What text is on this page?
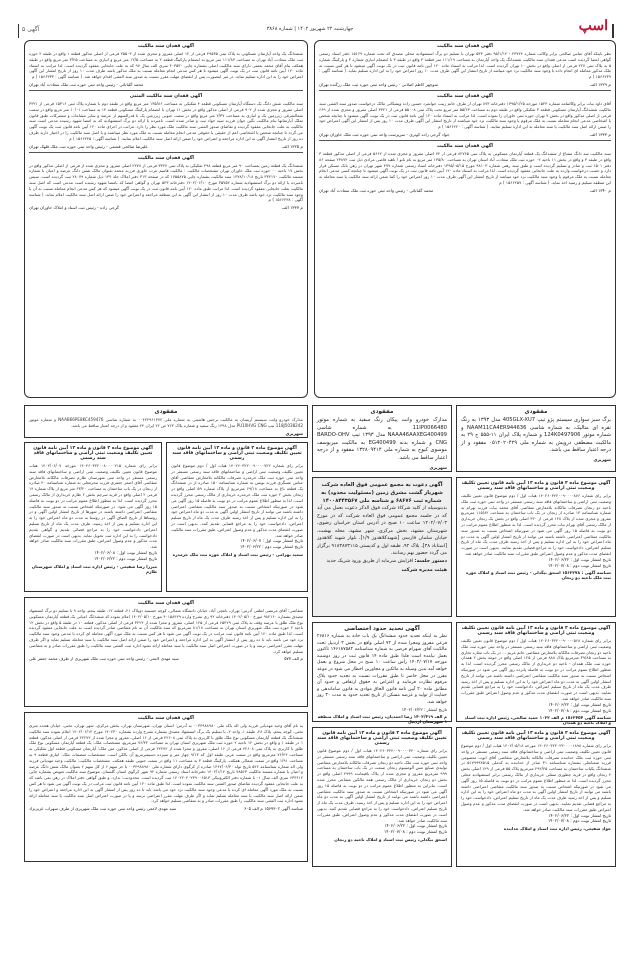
اسپ
چهارشنبه ۲۲ شهریور ۱۴۰۲ | شماره ۳۸۶۸
آگهی ۵
آگهی فقدان سند مالکیت
نظر باینکه آقای عباس صالحی برابر وکالت شماره ۲۳۷۴۴ - ۹۵/۱/۱۴ دفتر ۵۳۴ تهران با تسلیم دو برگ استشهادیه محلی مصدق که تحت شماره ۱۵۱۶۹ دفتر اسناد رسمی گواهی امضا گردیده است مدعی فقدان سند مالکیت ششدانگ یک واحد آپارتمان به مساحت ۱۱۱/۱۹ متر قطعه ۳ واقع در طبقه ۳ با انضمام انباری شماره ۳ و پارکینگ شماره ۵ به پلاک ثبتی ۲۲۷ فرعی از اصلی واقع در بخش ۱۰ تهران گردیده است. لذا مراتب به استناد ماده ۱۲۰ آیین نامه قانون ثبت در یک نوبت آگهی میشود تا هر کس نسبت به ملک مذکور معامله ای انجام داده یا وجود سند مالکیت نزد خود میباشد از تاریخ انتشار این آگهی ظرف مدت ۱۰ روز اعتراض خود را به این اداره تسلیم نماید. ( شناسه آگهی : ۱۵۶۶۲۳۹ ) م
م ۱۳۲۹ الف
منوچهر کاظم اصلانی - رئیس واحد ثبتی حوزه ثبت ملک زرگنده تهران
آگهی فقدان سند مالکیت
آقای داود بیات برابر وکالتنامه شماره ۱۵۲۳ مورخه ۱۳۹۵/۱/۲۵ دفترخانه ۸۷۳ تهران از طرف خانم زینب جوانمرد حسین زاده وپشکانی مالک درخواست صدور سند المثنی سند مالکیت ششدانگ آپارتمان مسکونی قطعه ۳ تفکیکی واقع در طبقه دوم به مساحت ۵۵/۶۳ متر مربع تحت پلاک ثبتی ۵۵۰۰۸ فرعی از ۳۳۲۱ اصلی مفروز و مجزی شده از ۶۶۹ فرعی از اصلی مذکور واقع در بخش ۷ تهران حوزه ثبتی خاوران را نموده است. لذا مراتب به استناد ماده ۱۲۰ آیین نامه قانون ثبت در یک نوبت آگهی میشود تا چنانچه شخص یا اشخاصی مدعی انجام معامله نسبت به ملک مرقوم یا وجود سند مالکیت نزد خود میباشند از تاریخ انتشار این آگهی ظرف مدت ۱۰ روز پس از انتشار این آگهی اعتراض خود را ضمن ارائه اصل سند مالکیت یا سند معامله به این اداره تسلیم نمایند. ( شناسه آگهی : ۱۵۶۶۲۲۰ ) م
م ۱۳۳۳ الف
جواد گرجی زاده کوتری - سرپرست واحد ثبتی حوزه ثبت ملک خاوران تهران
آگهی فقدان سند مالکیت
سند مالکیت سه دانگ مشاع از ششدانگ یک قطعه آپارتمان مسکونی به پلاک ثبتی ۸۲۷۴۵ فرعی از ۷۴ اصلی مفروز و مجزی شده از ۵۶۶۲ فرعی از اصلی مذکور قطعه ۳ واقع در طبقه ۳ و واقع در بخش ۱۱ ناحیه ۰۲ حوزه ثبت ملک سعادت آباد استان تهران به مساحت ۱۳۵/۸۰ متر مربع به نام بانو / ناهید قاضی مرادی ذیل ثبت ۲۳۸۷۲ صفحه ۸۶ دفتر ۱۵۰۱ ثبت و صادر و تسلیم گردیده است و طبق سند رهنی شماره ۹۸۱۰۳ مورخ ۱۳۹۵/۰۵/۱۵ دفترخانه اسناد رسمی شماره ۴۷۷ شهر تهران در رهن بانک مسکن قرار دارد و حسب درخواست وارده به علت جابجایی مفقود گردیده است. لذا مراتب به استناد ماده ۱۲۰ آیین نامه قانون ثبت در یک نوبت آگهی میشود تا چنانچه کسی مدعی انجام معامله نسبت به ملک مرقوم یا وجود سند مالکیت نزد خود میباشد از تاریخ انتشار این آگهی ظرف مدت ۱۰ روز اعتراض خود را کتبا ضمن ارائه سند مالکیت یا سند معامله به این منطقه تسلیم و رسید اخذ نماید. ( شناسه آگهی : ۱۵۶۶۲۵۷ ) م
م ۱۳۴۰ الف
محمد گلبابائی - رئیس واحد ثبتی حوزه ثبت ملک سعادت آباد تهران
آگهی فقدان سند مالکیت
ششدانگ یک واحد آپارتمان مسکونی به پلاک ثبتی ۴۹۵۳۵ فرعی از ۱۲ اصلی مفروز و مجزی شده از ۲۵۵۰۳ فرعی از اصلی مذکور قطعه ۱ واقع در طبقه ۲ حوزه ثبت ملک سعادت آباد تهران به مساحت ۱۱۱/۸۳ متر مربع به انضمام پارکینگ قطعه ۲ به مساحت ۱۲/۵ متر مربع و انباری به مساحت ۳/۲۵ متر مربع واقع در طبقه همکف بنام آقای محمد نعمتی دارای سند مالکیت اصلی بشماره چاپی ۴۰۳۵۳۰ سری الف سال ۹۷ که به علت جابجایی مفقود گردیده است. لذا مراتب به استناد ماده ۱۲۰ آیین نامه قانون ثبت در یک نوبت آگهی میشود تا هر کس مدعی انجام معامله نسبت به ملک مذکور باشد ظرف مدت ۱۰ روز از تاریخ انتشار این آگهی اعتراض خود را به این اداره تسلیم نماید. در غیر اینصورت پس از انقضای مهلت مقرر نسبت به صدور سند المثنی اقدام خواهد شد. ( شناسه آگهی : ۱۵۶۶۳۳۳ ) م
محمد گلبابائی - رئیس واحد ثبتی حوزه ثبت ملک سعادت آباد تهران
آگهی فقدان سند مالکیت المثنی
سند مالکیت شش دانگ یک دستگاه آپارتمان مسکونی قطعه ۴ تفکیکی به مساحت ۱۳۵/۸۶ متر مربع واقع در طبقه دوم با شماره پلاک ثبتی ۱۵۳۱۶ فرعی از ۳۳۲۱ اصلی مفروز و مجزی شده از ۹۰۲ فرعی از اصلی مذکور واقع در بخش ۱۱ تهران با انضمام پارکینگ مسکونی قطعه ۱۴ به مساحت ۱۰/۰۱ متر مربع واقع در سمت شمالشرقی زیرزمین یک و انباری به مساحت ۲/۳۷ متر مربع واقع در سمت جنوبی زیرزمین یک با قدرالسهم از عرصه و سایر مشاعات و مشترکات طبق قانون تملک آپارتمانها بنام مالکیت نگین جوان فرزند سید جواد ثبت و صادر شده است. نامبرده با ارائه دو برگ استشهادیه که به امضا شهود رسیده مدعی است سند مالکیت به علت جابجایی مفقود گردیده و تقاضای صدور المثنی سند مالکیت ملک مورد نظر را دارد. مراتب در اجرای ماده ۱۲۰ آیین نامه قانون ثبت یک نوبت آگهی می گردد تا چنانچه شخص یا اشخاصی اعم از حقیقی یا حقوقی مدعی انجام معامله نسبت به ملک مورد نظر میباشند و یا اصل سند مالکیت را در اختیار دارند ظرف ده روز از تاریخ انتشار آگهی به این اداره مراجعه و اعتراض خود را ضمن ارائه اصل سند مالکیت اعلام نمایند. ( شناسه آگهی : ۱۵۶۶۲۴۵ ) م
م ۱۳۲۵ الف
علیرضا صالحی قشمی - رئیس واحد ثبتی حوزه ثبت ملک قلهک تهران
آگهی فقدان سند مالکیت
ششدانگ یک قطعه زمین بمساحت ۹۰ متر مربع قطعه ۲۹۸ تفکیکی به پلاک ثبتی ۳۳۲۷ فرعی از ۲۲۷۸ اصلی مفروز و مجزی شده از فرعی از اصلی مذکور واقع در بخش ۱۷ ناحیه ۰۰ حوزه ثبت ملک خاوران تهران مشخصات مالکیت : مالکیت قاسم عرب خاوری فرزند محمد بعنوان مالک شش دانگ عرصه و اعیان با شماره مستند مالکیت ۳۳۲۱۷۰ تاریخ ۱۳۷۸/۱۰/۱۸ سند مالکیت بشماره چاپی ۱۷۵۵۸۷۵ که در صفحه ۳۱۳ دفتر املاک جلد ۱۳۴ ذیل شماره ۲۸۰۷۹ ثبت گردیده است. سپس نامبرده با ارائه دو برگ استشهادیه شماره ۳۵۷۵۲ مورخ ۱۴۰۲/۰۶/۱۰ دفترخانه ۵۳۳ تهران و گواهی امضا که بامضا شهود رسیده است مدعی است که اصل سند مالکیت بعلت جابجایی مفقود گردیده است. لذا مراتب طبق ماده ۱۲۰ آیین نامه قانون ثبت در یک نوبت آگهی میشود که هر کس مدعی انجام معامله نسبت به آن یا وجود سند مالکیت نزد خود باشد ظرف مدت ۱۰ روز از انتشار این آگهی به این منطقه مراجعه و اعتراض خود را ضمن ارائه اصل سند مالکیت اعلام نماید. ( شناسه آگهی : ۱۵۶۶۲۳۸ ) م
م ۱۳۳۷ الف
گرجی زاده - رئیس ثبت اسناد و املاک خاوران تهران
مفقودی
برگ سبز سواری سیستم پژو تیپ 405GLX-XU7 مدل ۱۳۹۳ به رنگ نقره ای متالیک، به شماره شاسی NAAM11CA4ER944636 و شماره موتور 124K0497906 و شماره پلاک ایران ۱۱-۵۵۵ ج ۲۹ به مالکیت مصطفی درویش به شماره ملی ۰۵۱۲۰۲۰۴۲۹ مفقود و از درجه اعتبار ساقط می باشد.
شهریری
مفقودی
مدارک خودرو وانت پیکان رنگ سفید به شماره موتور 11IP0066480 به شماره شاسی NAAA46AAXEG400499 مدل ۱۳۹۳ تیپ BARDO-OHV CNG و شماره بدنه EG400499 به مالکیت میریوسف موسوی کیوج به شماره ملی ۱۳۲۸۰۹۴۱۴ مفقود و از درجه اعتبار ساقط می باشد.
شهریری
مفقودی
مدارک خودرو وانت سیستم آریسان به مالکیت نرجس هاشمی به شماره ملی ۰۰۴۲۲۹۶۱۳۷۲ به شماره شاسی NAAB66PE8KC459476 و شماره موتور 118J5038242 تیپ PU10HVG CNG مدل ۱۳۹۸ رنگ سفید و شماره پلاک ۷۶۲ ص ۲۶ ایران ۴۴ مفقود و از درجه اعتبار ساقط می باشد.
شهریری
آگهی موضوع ماده ۳ قانون و ماده ۱۳ آیین نامه قانون تعیین تکلیف وضعیت ثبتی اراضی و ساختمانهای فاقد سند رسمی
برابر رای شماره ۱۴۰۲۶۰۳۲۲۰۰۹۰۰۰۰۸۷۶ هیات اول / دوم موضوع قانون تعیین تکلیف وضعیت ثبتی اراضی و ساختمانهای فاقد سند رسمی مستقر در واحد ثبتی حوزه ثبت ملک ناحیه دو زنجان تصرفات مالکانه بلامعارض متقاضی آقای محمد بیات فرزند بهرام به شماره شناسنامه ۱۳ صادره از زنجان در یک باب ساختمان به مساحت ۱۱۵/۸۲ مترمربع مفروز و مجزی شده از پلاک ۱۲۸ فرعی از ۴۳۰ اصلی واقع در بخش یک زنجان خریداری از مالک رسمی آقای بهرام بیات محرز گردیده است. لذا به منظور اطلاع عموم مراتب در دو نوبت به فاصله ۱۵ روز آگهی می شود در صورتیکه اشخاص نسبت به صدور سند مالکیت متقاضی اعتراضی داشته باشند می توانند از تاریخ انتشار اولین آگهی به مدت دو ماه اعتراض خود را به این اداره تسلیم و پس از اخذ رسید ظرف مدت یک ماه از تاریخ تسلیم اعتراض، دادخواست خود را به مراجع قضایی تقدیم نمایند. بدیهی است در صورت انقضای مدت مذکور و عدم وصول اعتراض طبق مقررات سند مالکیت صادر خواهد شد.
تاریخ انتشار نوبت اول : ۱۴۰۲/۰۶/۲۲
تاریخ انتشار نوبت دوم : ۱۴۰۲/۰۷/۰۸
شناسه آگهی : ۱۵۶۳۲۷۸ اسحق بیگدلی - رئیس ثبت اسناد و املاک حوزه ثبت ملک ناحیه دو زنجان
آگهی دعوت به مجمع عمومی فوق العاده شرکت شهریار گشت مشرق زمین (مسئولیت محدود) به شماره ثبت ۶۸۶۷۶ و شناسه ملی ۱۴۰۰۸۴۴۳۵۶۷
بدینوسیله از کلیه شرکاء شرکت فوق الذکر دعوت بعمل می آید که در جلسه مجمع عمومی فوق العاده شرکت که در مورخ ۱۴۰۲/۰۷/۰۳ ساعت ۱۰ صبح در آدرس استان خراسان رضوی، شهرستان مشهد، بخش مرکزی، شهر مشهد، محله بهشت، خیابان سلمان فارسی [شهیدکلاهدوز ۱/۹]، بلوار شهید کلاهدوز [استاباد ۴۸]، پلاک ۹۲، طبقه اول و کدپستی ۹۱۸۳۸۷۳۱۱۵ برگزار می گردد حضور بهم رسانند.
دستور جلسه: افزایش سرمایه از طریق ورود شریک جدید
هیئت مدیره شرکت
آگهی موضوع ماده ۳ قانون و ماده ۱۳ آیین نامه قانون تعیین تکلیف وضعیت ثبتی اراضی و ساختمانهای فاقد سند رسمی
برابر رای شماره ۱۴۰۲۶۰۳۲۲۰۰۹۰۰۰۰۷۲۲ هیات اول / دوم موضوع قانون تعیین تکلیف وضعیت ثبتی اراضی و ساختمانهای فاقد سند رسمی مستقر در واحد ثبتی حوزه ثبت ملک خرمدره تصرفات مالکانه بلامعارض متقاضی آقای عباس عسگری فرزند یونس به شماره شناسنامه ۱۵۰ صادره از در ششدانگ یک قطعه باغ به مساحت ۶۹/۱۸ مترمربع از پلاک شماره ۵۹ اصلی واقع در زنجان بخش ۲ حوزه ثبت ملک خرمدره خریداری از مالک رسمی محرز گردیده است. لذا به منظور اطلاع عموم مراتب در دو نوبت به فاصله ۱۵ روز آگهی می شود در صورتیکه اشخاص نسبت به صدور سند مالکیت متقاضی اعتراضی داشته باشند می توانند از تاریخ انتشار اولین آگهی به مدت دو ماه اعتراض خود را به این اداره تسلیم و پس از اخذ رسید ظرف مدت یک ماه از تاریخ تسلیم اعتراض، دادخواست خود را به مراجع قضایی تقدیم کنند. بدیهی است در صورت انقضای مدت مذکور و عدم وصول اعتراض، طبق مقررات سند مالکیت صادر خواهد شد.
تاریخ انتشار نوبت اول : ۱۴۰۲/۰۶/۰۷
تاریخ انتشار نوبت دوم : ۱۴۰۲/۰۶/۲۲
سعید بهرامی - رئیس ثبت اسناد و املاک حوزه ثبت ملک خرمدره
آگهی موضوع ماده ۳ قانون و ماده ۱۳ آیین نامه قانون تعیین تکلیف وضعیت ثبتی اراضی و ساختمانهای فاقد سند رسمی
برابر رای شماره ۱۴۰۲۶۰۳۲۲۰۰۸۰۰۰۰۲۱۵ مورخه ۱۴۰۲/۰۶/۰۷ هیات موضوع قانون تعیین تکلیف وضعیت ثبتی اراضی و ساختمانهای فاقد سند رسمی مستقر در واحد ثبتی شهرستان طارم تصرفات مالکانه بلامعارض متقاضی آقای اصغر جعفری فرزند محرمعلی به شماره شناسنامه ۴۰ صادره از زنجان در یک باب ساختمان به مساحت ۶۳/۲۰ متر مربع از پلاک شماره ۱۴ فرعی ۲ اصلی واقع در قریه سرچم بخش ۲ طارم خریداری از مالک رسمی محرز گردیده است. لذا به منظور اطلاع عموم مراتب در دو نوبت به فاصله ۱۵ روز آگهی می شود. در صورتیکه اشخاص نسبت به صدور سند مالکیت متقاضی اعتراضی داشته باشند در شهرها از تاریخ انتشار اولین آگهی و در روستاها از تاریخ الصاق آگهی در روستا به مدت دو ماه اعتراض خود را به این اداره تسلیم و پس از اخذ رسید، ظرف مدت یک ماه از تاریخ تسلیم اعتراض دادخواست خود را به مراجع قضائی تقدیم و گواهی تقدیم دادخواست را به این اداره ثبت تحویل نماید. بدیهی است در صورت انقضای مدت مذکور و عدم وصول اعتراض، طبق مقررات سند مالکیت صادر خواهد شد.
تاریخ انتشار نوبت اول : ۱۴۰۲/۰۶/۰۸
تاریخ انتشار نوبت دوم : ۱۴۰۲/۰۶/۲۲
میرزا رضا شفیعی - رئیس اداره ثبت اسناد و املاک شهرستان طارم
آگهی فقدان سند مالکیت
متقاضی: آقای مرتضی لطفی آدرس: تهران، باغچی آباد، خیابان دانشگاه شمالی، کوچه حسینیه دوپلاک ۲۱، قطعه ۱۲، طبقه پنجم، واحد ۹ با تسلیم دو برگ استشهاد مصدق بشماره ۹۸۲۱۶۰ مورخ ۱۴۰۲/۰۵/۱۰ دفترخانه ۹۲ ری بشرح وارده ۴۰۱۵۸۴۲۹ مورخ ۱۴۰۲/۰۵/۱۰ اعلام نموده که ششدانگ اعیانی یک قطعه آپارتمان مسکونی نوع ملک طلق با عرصه وقف به پلاک ثبتی ۶۵۴۲۹ فرعی از ۱۲۵ اصلی، مفروز و مجزا شده از ۳۲۲۲ فرعی از اصلی مذکور، قطعه ۱۰ در طبقه ۵ واقع در بخش ۱۲ ناحیه ۲ حوزه ثبت ملک شهریری استان تهران به مساحت ۸۱/۱۸ مترمربع که سند مالکیت آن به نام متقاضی صادر گردیده است به علت جابجایی مفقود گردیده است. لذا طبق ماده ۱۲۰ آیین نامه قانون ثبت مراتب در یک نوبت آگهی می شود تا هر کس نسبت به ملک مورد آگهی معامله ای کرده یا مدعی وجود سند مالکیت نزد خود می باشد باید تا ده روز پس از انتشار آگهی به این اداره مراجعه و اعتراض خود را ضمن ارائه اصل سند مالکیت یا سند معامله تسلیم نماید و اگر ظرف مهلت مقرر اعتراضی نرسد و یا در صورت اعتراض اصل سند مالکیت یا سند معامله ارائه نشود اداره ثبت المثنی سند مالکیت را طبق مقررات صادر و به متقاضی تسلیم خواهد کرد.
م الف ۵۷۷
سید مهدی لامعی - رئیس واحد ثبتی حوزه ثبت ملک شهریری از طرف محمد جعفر علی
آگهی فقدان سند مالکیت
به نام آقای وحید مهدیانی فرزند ولی اله باکد ملی ۰۰۳۴۹۸۸۹۸۰ به آدرس: استان تهران، شهرستان تهران، بخش مرکزی، شهر تهران، تختی، خیابان هجده متری تختی، کوچه پنجم، پلاک ۲۸، طبقه ۱، واحد ۲، با تسلیم یک برگ استشهاد مصدق بشماره بشرح وارده بشماره ۱۴۰۲۳۰ مورخ ۱۴۰۲/۰۶/۱۴ اعلام نموده سند مالکیت ششدانگ یک قطعه آپارتمان مسکونی نوع ملک طلق با کاربری به پلاک ثبتی ۲۲۶۰۸ فرعی از ۱۶ اصلی، مفروز و مجزا شده از ۲۲۲۷۲ فرعی از اصلی مذکور، قطعه ۱ در طبقه ۱ و واقع در بخش ۱۲ ناحیه ۲ حوزه ثبت ملک شهریری استان تهران به مساحت ۷۶/۴۲ مترمربع، مشخصات ملک: یک قطعه آپارتمان مسکونی نوع ملک طلق با کاربری به پلاک ثبتی ۲۲۶۰۸ فرعی از ۱۶ اصلی، مفروز و مجزا شده از ۲۲۲۷۲ فرعی از اصلی مذکور، متن ملک: آپارتمان مسکونی قطعه اول تفکیکی به مساحت ۷۶/۴۲ مترمربع واقع در سمت غربی طبقه اول که ۹/۱۳ چهار متر و سیزده دسیمترمربع آن بالکن است. مشخصات منضمات ملک: انباری قطعه ۹ به مساحت ۱/۹۱ واقع در سمت شمالی همکف. پارکینگ قطعه ۳ به مساحت ۱۱ واقع در سمت جنوبی طبقه همکف. مشخصات مالکیت: مالکیت وحید مهدیانی فرزند ولی اله شماره شناسنامه ۵۲۶ تاریخ تولد ۱۳۶۷/۰۶/۳۰ صادره از کرگوی دارای شماره ملی ۰۰۳۴۹۸۸۹۸۰ با جز سهم ۶ از کل سهم ۶ بعنوان مالک شش دانگ عرصه و اعیان با شماره مستند مالکیت ۷۸۵۶۳ تاریخ ۱۴۰۲/۱/۱۴ دفترخانه اسناد رسمی شماره ۹۴ شهر کرگوی استان گلستان. موضوع سند مالکیت تعویض بشماره چاپی ۶۳۳۶۱۲ سری الف سال ۰۱ با شماره دفتر الکترونیکی ۱۴۰۲۲۰۲۰۲۳۹۰۰۶۵۱۳ ثبت گردیده است. محدودیت: ندارد. و طبق گواهی دفتر املاک در رهن نمی باشد که به علت جابجایی مفقود گردیده تقاضای صدور المثنی سند مالکیت نموده است. لذا طبق ماده ۱۲۰ آیین نامه قانون ثبت مراتب در یک نوبت آگهی می شود تا هر کس نسبت به ملک مورد آگهی معامله ای کرده یا مدعی وجود سند مالکیت نزد خود می باشد باید تا ده روز پس از انتشار آگهی به این اداره مراجعه و اعتراض خود را ضمن ارائه اصل سند مالکیت یا سند معامله تسلیم نماید و اگر ظرف مهلت مقرر اعتراضی نرسد و یا در صورت اعتراض اصل سند مالکیت یا سند معامله ارائه نشود اداره ثبت المثنی سند مالکیت را طبق مقررات صادر و به متقاضی تسلیم خواهد کرد.
شناسه آگهی ۱۵۶۷۳۰۲ م الف ۶۰۵
سید مهدی لامعی رئیس واحد ثبتی حوزه ثبت ملک شهریری از طرف سهراب عزیزنژاد
آگهی تحدید حدود اختصاصی
نظر به اینکه تحدید حدود ششدانگ یک باب خانه به شماره ۲۶۸۱۶ فرعی مفروز ومجزا شده از ۷۲ اصلی واقع در بخش ۳ اردبیل تحت مالکیت آقای شهرام فرضی به شماره شناسنامه ۱۴۶۱۸۷۵۸۲ تاکنون بعمل نیامده است فلذا طبق ماده ۱۴ قانون ثبت در روز دوشنبه مورخه ۱۴۰۲/۰۷/۱۷ رأس ساعت ۱۰ صبح در محل شروع و بعمل خواهد آمد بدین وسیله به مالکین و مجاورین اخطار می شود در موعد مقرر در محل حاضر تا طبق مقررات نسبت به تحدید حدود پلاک مرقوم نظارت فرمایند و اعتراض به حقوق ارتفاقی و حدود آن مطابق ماده ۲۰ آیین نامه قانون الحاق موادی به قانون ساماندهی و حمایت از تولید و عرضه مسکن از تاریخ تحدید حدود به مدت ۳۰ روز خواهد شد.
تاریخ انتشار : ۱۴۰۲/۰۶/۲۲
م الف ۱۴۰۲/۴۱۹ رضا احمدیان، رئیس ثبت اسناد و املاک منطقه ۱ شهرستان اردبیل
آگهی موضوع ماده ۳ قانون و ماده ۱۳ آیین نامه قانون تعیین تکلیف وضعیت ثبتی اراضی و ساختمانهای فاقد سند رسمی
برابر رای شماره ۱۴۰۲۶۰۳۲۲۰۰۹۰۰۰۰۵۶۸ هیات اول / دوم موضوع قانون تعیین تکلیف وضعیت ثبتی اراضی و ساختمانهای فاقد سند رسمی مستقر در واحد ثبتی حوزه ثبت ملک ناحیه دو زنجان تصرفات مالکانه بلامعارض متقاضی خانم مریم ... در یک باب مغازه تجاری به مساحت ۳۹/۸۵ مترمربع پلاک ۸۸۸ فرعی از ۱۲۵ اصلی واقع در حومه بخش ۲ همدان حوزه ثبت ملک همدان - ناحیه دو خریداری از مالک رسمی محرز گردیده است. لذا به منظور اطلاع عموم مراتب در دو نوبت به فاصله پانزده روز آگهی می شود در صورتیکه اشخاص نسبت به صدور سند مالکیت متقاضی اعتراضی داشته باشند می توانند از تاریخ انتشار اولین آگهی به مدت دو ماه اعتراض خود را به این اداره تسلیم و پس از اخذ رسید ظرف مدت یک ماه از تاریخ تسلیم اعتراض، دادخواست خود را به مراجع قضایی تقدیم نمایند. بدیهی است در صورت انقضای مدت مذکور و عدم وصول اعتراض طبق مقررات سند مالکیت صادر خواهد شد.
تاریخ انتشار نوبت اول : ۱۴۰۲/۰۶/۲۲
تاریخ انتشار نوبت دوم : ۱۴۰۲/۰۷/۰۸
شناسه آگهی ۱۵۶۳۴۵۴ م الف ۱۰۲۲ حمید صالحی، رئیس اداره ثبت اسناد و املاک ناحیه دو همدان
آگهی موضوع ماده ۳ قانون و ماده ۱۳ آیین نامه قانون تعیین تکلیف وضعیت ثبتی اراضی و ساختمانهای فاقد سند رسمی
برابر رای شماره ۱۴۰۲۶۰۳۲۲۰۲۳۰۰۰۰۱۸۹۸ مورخه ۱۴۰۲/۰۵/۱۸ هیات اول / دوم موضوع قانون تعیین تکلیف وضعیت ثبتی اراضی و ساختمانهای فاقد سند رسمی مستقر در واحد ثبتی حوزه ثبت ملک خدابنده تصرفات مالکانه بلامعارض متقاضی آقای ایوب معصومی فرزند شعبانعلی بشماره شناسنامه ۳۱ صادر از خدابنده به کدملی ۵۱۷۹۹۹۴۵۱۵ در ششدانگ یکباب ساختمان به مساحت ۲۹۲/۴۵ مترمربع پلاک ۵۵ فرعی از ۱۲۹ اصلی بخش ۴ زنجان واقع در قریه چطوری سفلی خریداری از مالک رسمی برابر استشهادیه محلی محرز گردیده است. لذا به منظور اطلاع عموم مراتب در دو نوبت به فاصله ۱۵ روز آگهی می شود در صورتیکه اشخاص نسبت به صدور سند مالکیت متقاضی اعتراضی داشته باشند می توانند از تاریخ انتشار اولین آگهی به مدت دو ماه اعتراض خود را به این اداره تسلیم و پس از اخذ رسید ظرف مدت یک ماه از تاریخ تسلیم اعتراض، دادخواست خود را به مراجع قضایی تقدیم نمایند. بدیهی است در صورت انقضای مدت مذکور و عدم وصول اعتراض طبق مقررات سند مالکیت صادر خواهد شد.
تاریخ انتشار نوبت اول : ۱۴۰۲/۰۶/۲۲
تاریخ انتشار نوبت دوم : ۱۴۰۲/۰۷/۰۸
جواد شفیعی، رئیس اداره ثبت اسناد و املاک خدابنده
آگهی موضوع ماده ۳ قانون و ماده ۱۳ آیین نامه قانون تعیین تکلیف وضعیت ثبتی اراضی و ساختمانهای فاقد سند رسمی
برابر رای شماره ۱۴۰۲۶۰۳۲۲۰۰۹۰۰۰۰۳۴۰ هیات اول / دوم موضوع قانون تعیین تکلیف وضعیت ثبتی اراضی و ساختمانهای فاقد سند رسمی مستقر در واحد ثبتی حوزه ثبت ملک ناحیه دو زنجان تصرفات مالکانه بلامعارض متقاضی تولیدی صنایع مس آلومینیوم زنجان صنعت در یک باب ساختمان به مساحت ۹۹۹ مترمربع مفروز و مجزی شده از پلاک باقیمانده ۲۹۹۹ اصلی واقع در بخش دو زنجان خریداری از مالک رسمی همه مالکین مشاعی محرز شده است. بنابراین به منظور اطلاع عموم مراتب در دو نوبت به فاصله ۱۵ روز آگهی می شود در صورتیکه اشخاص نسبت به صدور سند مالکیت متقاضی اعتراضی داشته باشند می توانند از تاریخ انتشار اولین آگهی به مدت دو ماه اعتراض خود را به این اداره تسلیم و پس از اخذ رسید، ظرف مدت یک ماه از تاریخ تسلیم اعتراض، دادخواست خود را به مراجع قضایی تقدیم کنند. بدیهی است در صورت انقضای مدت مذکور و عدم وصول اعتراض، طبق مقررات سند مالکیت صادر خواهد شد.
تاریخ انتشار نوبت اول : ۱۴۰۲/۰۶/۲۲
تاریخ انتشار نوبت دوم : ۱۴۰۲/۰۷/۰۸
اسحق بیگدلی، رئیس ثبت اسناد و املاک ناحیه دو زنجان
